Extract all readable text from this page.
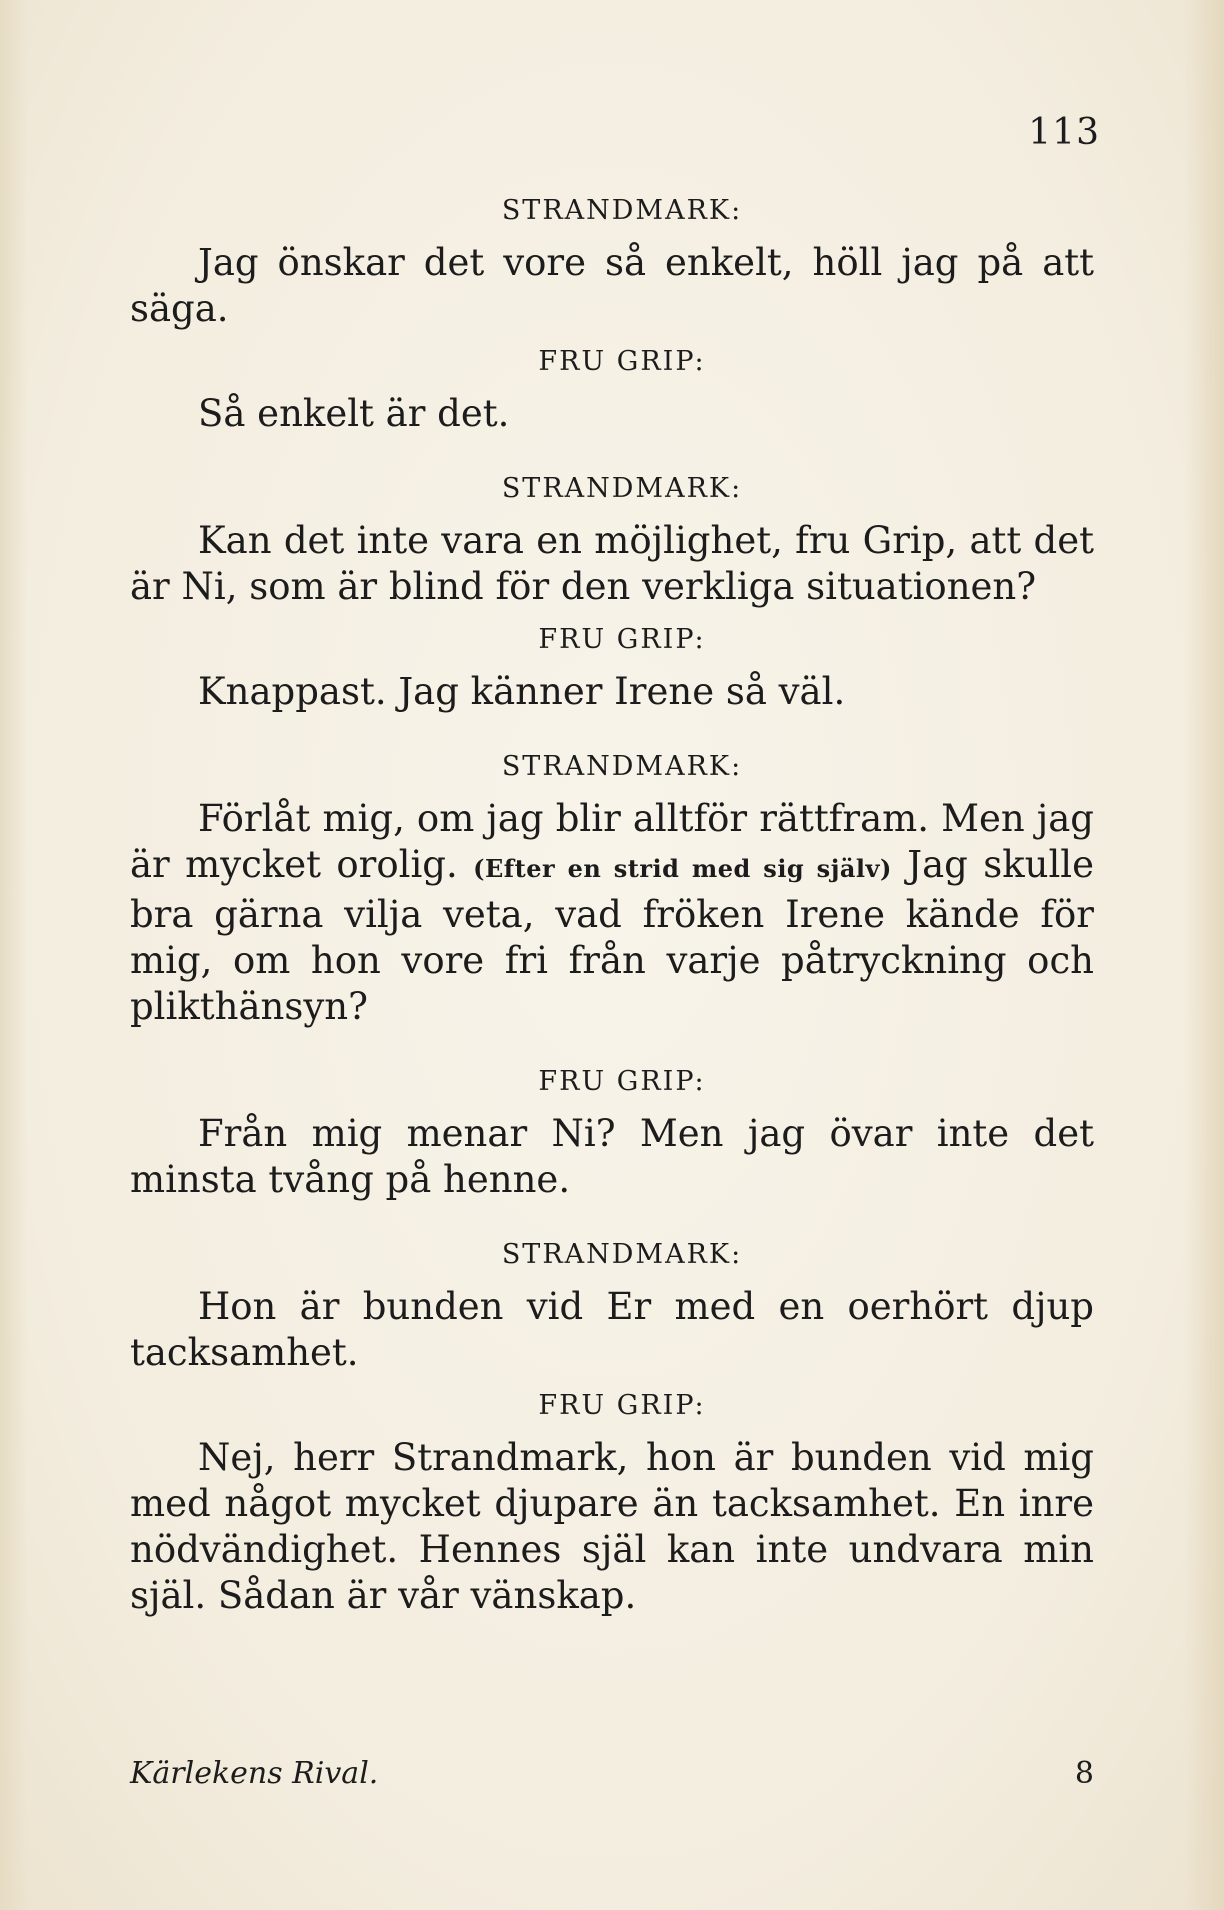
113

STRANDMARK:

Jag önskar det vore så enkelt, höll jag på att säga.

FRU GRIP:

Så enkelt är det.

STRANDMARK:

Kan det inte vara en möjlighet, fru Grip, att det är Ni, som är blind för den verkliga situationen?

FRU GRIP:

Knappast. Jag känner Irene så väl.

STRANDMARK:

Förlåt mig, om jag blir alltför rättfram. Men jag är mycket orolig. (Efter en strid med sig själv) Jag skulle bra gärna vilja veta, vad fröken Irene kände för mig, om hon vore fri från varje påtryckning och plikthänsyn?

FRU GRIP:

Från mig menar Ni? Men jag övar inte det minsta tvång på henne.

STRANDMARK:

Hon är bunden vid Er med en oerhört djup tacksamhet.

FRU GRIP:

Nej, herr Strandmark, hon är bunden vid mig med något mycket djupare än tacksamhet. En inre nödvändighet. Hennes själ kan inte undvara min själ. Sådan är vår vänskap.

Kärlekens Rival.	8
